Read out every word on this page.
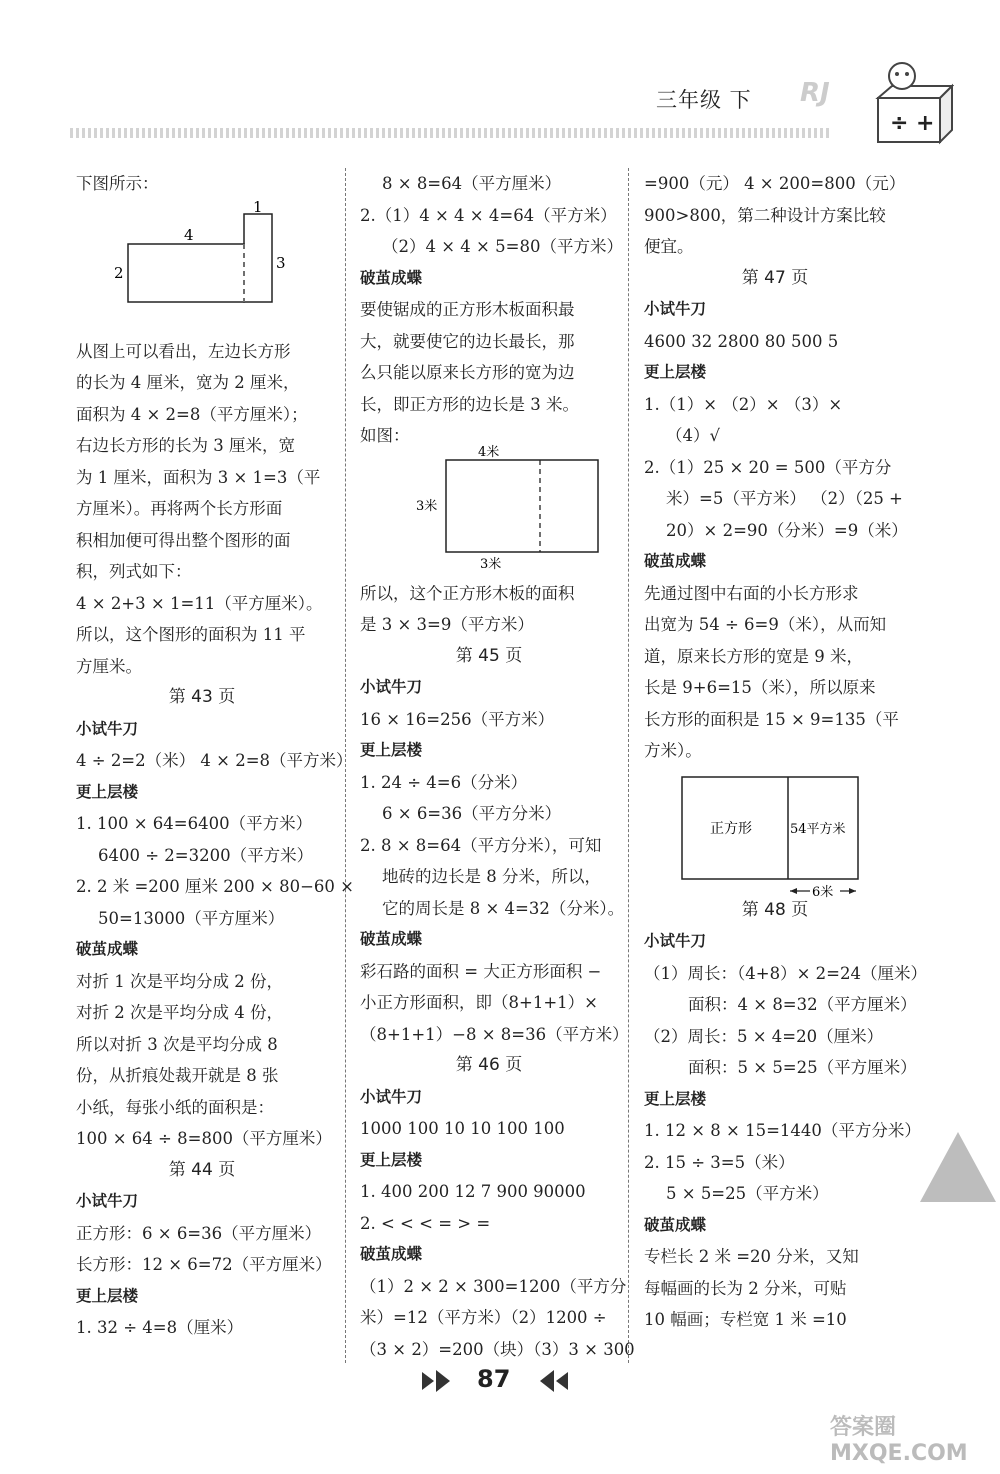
三年级 下 RJ
÷ +
下图所示：
1
4
2
3
从图上可以看出，左边长方形
的长为 4 厘米，宽为 2 厘米，
面积为 4 × 2=8（平方厘米）；
右边长方形的长为 3 厘米，宽
为 1 厘米，面积为 3 × 1=3（平
方厘米）。再将两个长方形面
积相加便可得出整个图形的面
积，列式如下：
4 × 2+3 × 1=11（平方厘米）。
所以，这个图形的面积为 11 平
方厘米。
第 43 页
小试牛刀
4 ÷ 2=2（米） 4 × 2=8（平方米）
更上层楼
1. 100 × 64=6400（平方米）
6400 ÷ 2=3200（平方米）
2. 2 米 =200 厘米 200 × 80−60 ×
50=13000（平方厘米）
破茧成蝶
对折 1 次是平均分成 2 份，
对折 2 次是平均分成 4 份，
所以对折 3 次是平均分成 8
份，从折痕处裁开就是 8 张
小纸，每张小纸的面积是：
100 × 64 ÷ 8=800（平方厘米）
第 44 页
小试牛刀
正方形：6 × 6=36（平方厘米）
长方形：12 × 6=72（平方厘米）
更上层楼
1. 32 ÷ 4=8（厘米）
8 × 8=64（平方厘米）
2.（1）4 × 4 × 4=64（平方米）
（2）4 × 4 × 5=80（平方米）
破茧成蝶
要使锯成的正方形木板面积最
大，就要使它的边长最长，那
么只能以原来长方形的宽为边
长，即正方形的边长是 3 米。
如图：
4米
3米
3米
所以，这个正方形木板的面积
是 3 × 3=9（平方米）
第 45 页
小试牛刀
16 × 16=256（平方米）
更上层楼
1. 24 ÷ 4=6（分米）
6 × 6=36（平方分米）
2. 8 × 8=64（平方分米），可知
地砖的边长是 8 分米，所以，
它的周长是 8 × 4=32（分米）。
破茧成蝶
彩石路的面积 = 大正方形面积 −
小正方形面积，即（8+1+1）×
（8+1+1）−8 × 8=36（平方米）
第 46 页
小试牛刀
1000 100 10 10 100 100
更上层楼
1. 400 200 12 7 900 90000
2. < < < = > =
破茧成蝶
（1）2 × 2 × 300=1200（平方分
米）=12（平方米）（2）1200 ÷
（3 × 2）=200（块）（3）3 × 300
=900（元） 4 × 200=800（元）
900>800，第二种设计方案比较
便宜。
第 47 页
小试牛刀
4600 32 2800 80 500 5
更上层楼
1.（1）× （2）× （3）×
（4）√
2.（1）25 × 20 = 500（平方分
米）=5（平方米） （2）（25 +
20）× 2=90（分米）=9（米）
破茧成蝶
先通过图中右面的小长方形求
出宽为 54 ÷ 6=9（米），从而知
道，原来长方形的宽是 9 米，
长是 9+6=15（米），所以原来
长方形的面积是 15 × 9=135（平
方米）。
正方形	54平方米
6米
第 48 页
小试牛刀
（1）周长：（4+8）× 2=24（厘米）
面积：4 × 8=32（平方厘米）
（2）周长：5 × 4=20（厘米）
面积：5 × 5=25（平方厘米）
更上层楼
1. 12 × 8 × 15=1440（平方分米）
2. 15 ÷ 3=5（米）
5 × 5=25（平方米）
破茧成蝶
专栏长 2 米 =20 分米，又知
每幅画的长为 2 分米，可贴
10 幅画；专栏宽 1 米 =10
87
答案圈 MXQE.COM
